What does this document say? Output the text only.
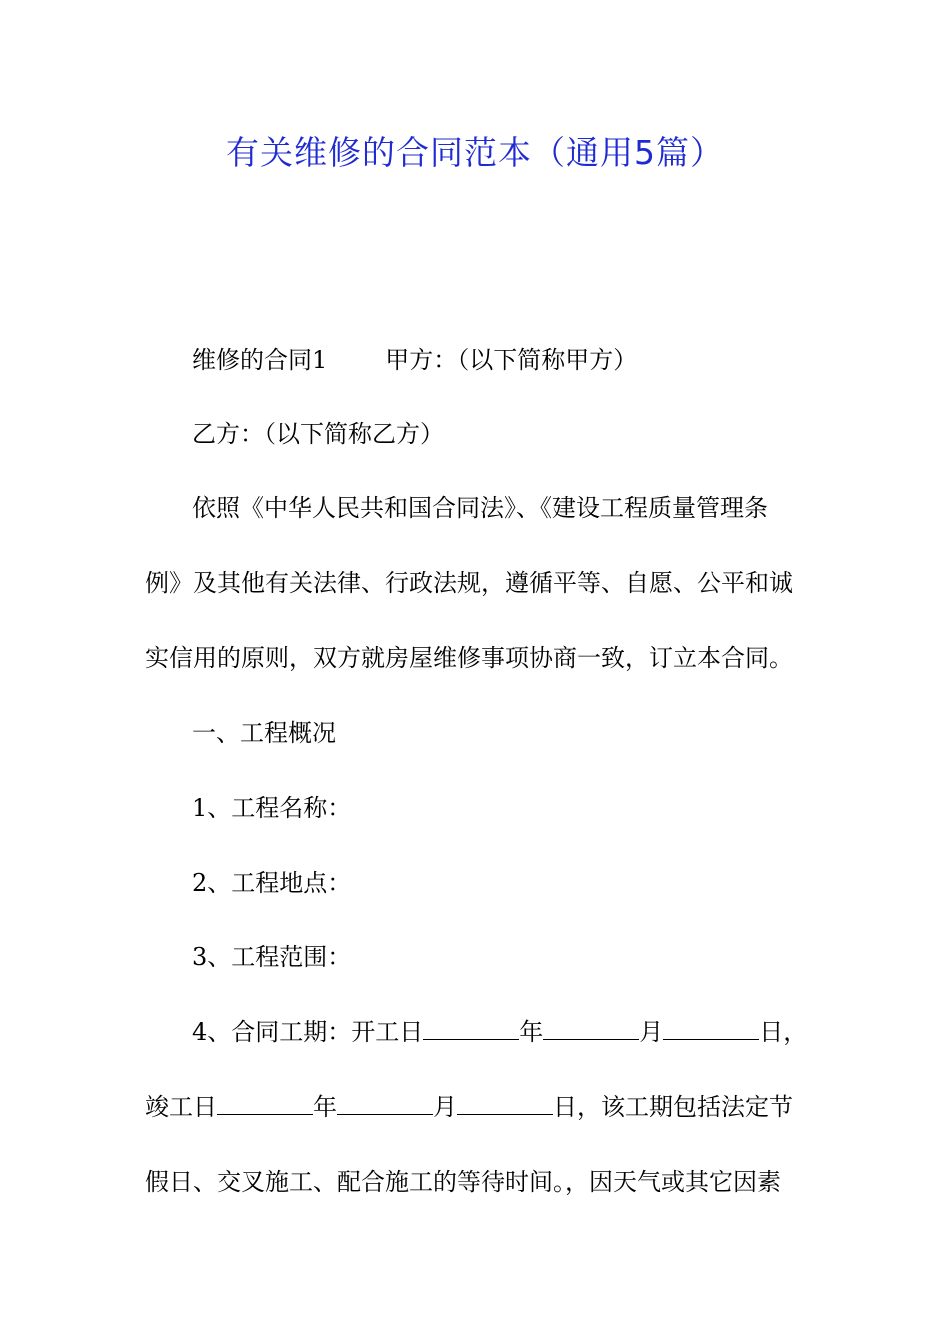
有关维修的合同范本（通用5篇）
维修的合同1 甲方：（以下简称甲方）
乙方：（以下简称乙方）
依照《中华人民共和国合同法》、《建设工程质量管理条
例》及其他有关法律、行政法规，遵循平等、自愿、公平和诚
实信用的原则，双方就房屋维修事项协商一致，订立本合同。
一、工程概况
1、工程名称：
2、工程地点：
3、工程范围：
4、合同工期：开工日	年	月	日，
竣工日	年	月	日，该工期包括法定节
假日、交叉施工、配合施工的等待时间。，因天气或其它因素
